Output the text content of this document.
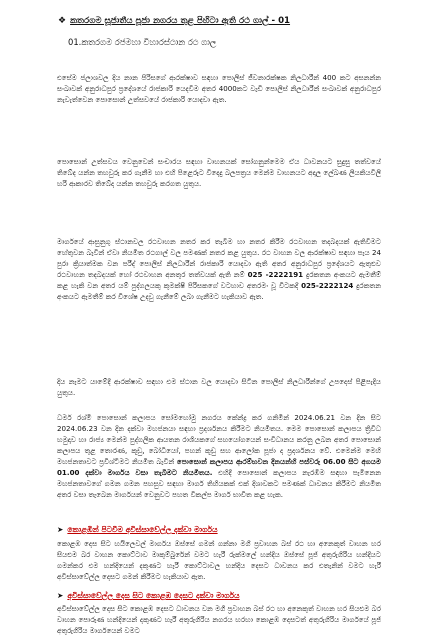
❖ කතරගම සූජාතීය පූජා නගරය තුළ පිහිටා ඇති රථ ගාල් - 01
01.කතරගම රජමහා විහාරස්ථාන රථ ගාල

එසේම ජලාශවල දිය නාන පිරිසගේ ආරක්ෂාව සඳහා පොලිස් ජීවනාරක්ෂක නිලධාරීන් 400 කට අසනන්න සංඛාවක් අනුරාධපුර ප්‍රදේශයේ රාජකාරි යෙදවීම අතර 4000කට වැඩි පොලිස් නිලධාරීන් සංඛාවක් අනුරාධපුර නැවැත්වෙන පොසොන් උත්සවයේ රාජකාරි යොදවා ඇත.

පොසොන් උත්සවය වෙනුවෙන් සංචාරය සඳහා වාහනයක් සෝගනුන්මෙම ඒය ධාවනයට සුදුසු තත්වයේ තිබේද යන්න තහවුරු කර ගැනීම හා එහි පිළෙරූට විදෙදු බලපත්‍රය මෙන්ම වාහනයට අදාල ලේඛණ ලියකියවිලි හරි ආකාරව තිබේද යන්න තහවුරු කරගත යුතුය.

මාර්ගයේ ආසුනුගු ස්ථානවල රථවාහන නතර කර තැබීම හා නතර කිරීම රථවාහන තදබදයක් ඇතිවීමට හේතුවන බැවින් ඒවා නියමිත රථගාල් වල පමණක් නතර කළ යුතුය. රථ වාහන වල ආරක්ෂාව සඳහා පැය 24 පුරා ක්‍රියාත්මක වන පරීද් පොලිස් නිලධාරීන් රාජකාරි යොදවා ඇති අතර අනුරාධපුර ප්‍රදේශයට ඇතුළුව රථවාහන තදබදයක් හෝ රථවාහන අනතුර තත්වයක් ඇති නම් 025 -2222191 දුරකතන අංකයට ඇමතීම් කළ හැකි වන අතර යම් පුද්ගලයකු කුමක්ෂී පිරිසකගේ වටහාව අතරමං වූ විටකදී 025-2222124 දුරකතන අංකයට ඇමතීම් කර විශේෂ උදවු ගැනීමේ ලබා ගැනීමට හැකියාව ඇත.

දිය නැමට යාමේදී ආරක්ෂාව සඳහා එම ස්ථාන වල යොදවා සිටින පොලිස් නිලධාරීන්ගේ උපදෙස් පිළිපැදිය යුතුය.

ධර්ම රශ්මි පොසොන් කලාපය සෝමහෝමු නගරය කේන්ද්‍ර කර ගනිමින් 2024.06.21 වන දින සිට 2024.06.23 වන දින දක්වා මහජනයා සඳහා ප්‍රදර්ශනය කිරීමට නියමිතය. මෙම පොසොන් කලාපය ත්‍රිවිධ හමුදාව හා රාජ්‍ය මෙන්ම පුද්ගලික ආයතන රාශියකගේ සහයෝගයෙන් සංවිධානය කරනු ලබන අතර පොසොන් කලාපය තුළ තොරණ, කූඩු, බෝධියෝ, පහන් කූඩු සහ ආලෝක පූජා ද ප්‍රදර්ශනය වේ. එමෙන්ම මෙහි මහජනතාවට ප්‍රවිශ්ටීමට නියමිත බැවින් පොසොන් කලාපය ආරම්භවන දිනයන්හි පස්වරු 06.00 සිට අගයම 01.00 දක්වා මාර්ගය වසා තැබීමට නියමිතය. එහිදී පොසොන් කලාපය නැරඹීම සඳහා පැමිනෙන මහජනතාවගේ ගමන ගමන පහසුව සඳහා මාර්ග තිහියකක් එක් දිශාවකට පමණක් ධාවනය කිරීමට නියමිත අතර වසා තැබෙන මාර්ගයන් වෙනුවට පහත විකල්ප මාර්ග භාවිත කළ හැක.

➤ කොළඹින් පිටවීම අවිස්සාවේල්ල දක්වා මාර්ගය

කොළඹ දෙස සිට හයිලෙවල් මාර්ගය ඔස්සේ ගමන් ගන්නා මගී ප්‍රවාහන බස් රථ හා අනෙකුත් වාහන හර සියළුම බර වාහන කොට්ටාව මාකුම්බුරේන් වමට හැරී රුක්මලේ හන්දිය ඔස්සේ පූජ් අතුරුගිරිය හන්දියට ගමන්කර එම හන්දියෙන් දකුණට හැරී කොට්ටාවල හන්දිය දෙසට ධාවනය කර එතැනින් වමට හැරී අවිස්සාවේල්ල දෙසට ගමන් කිරීමට හැකියාව ඇත.

➤ අවිස්සාවේල්ල දෙස සිට කොළඹ දෙසට දක්වා මාර්ගය

අවිස්සාවේල්ල දෙස සිට කොළඹ දෙසට ධාවනය වන මගී ප්‍රවාහන බස් රථ හා අනෙකුත් වාහන හර සියළුම බර වාහන පොරුණ හන්දියෙන් දකුණට හැරී අතුරුගිරිය නගරය හරහා කොළඹ දෙසටත් අතුරුගිරිය මාර්ගයේ පූජ් අතුරුගිරිය මාර්ගයෙන් වමට
